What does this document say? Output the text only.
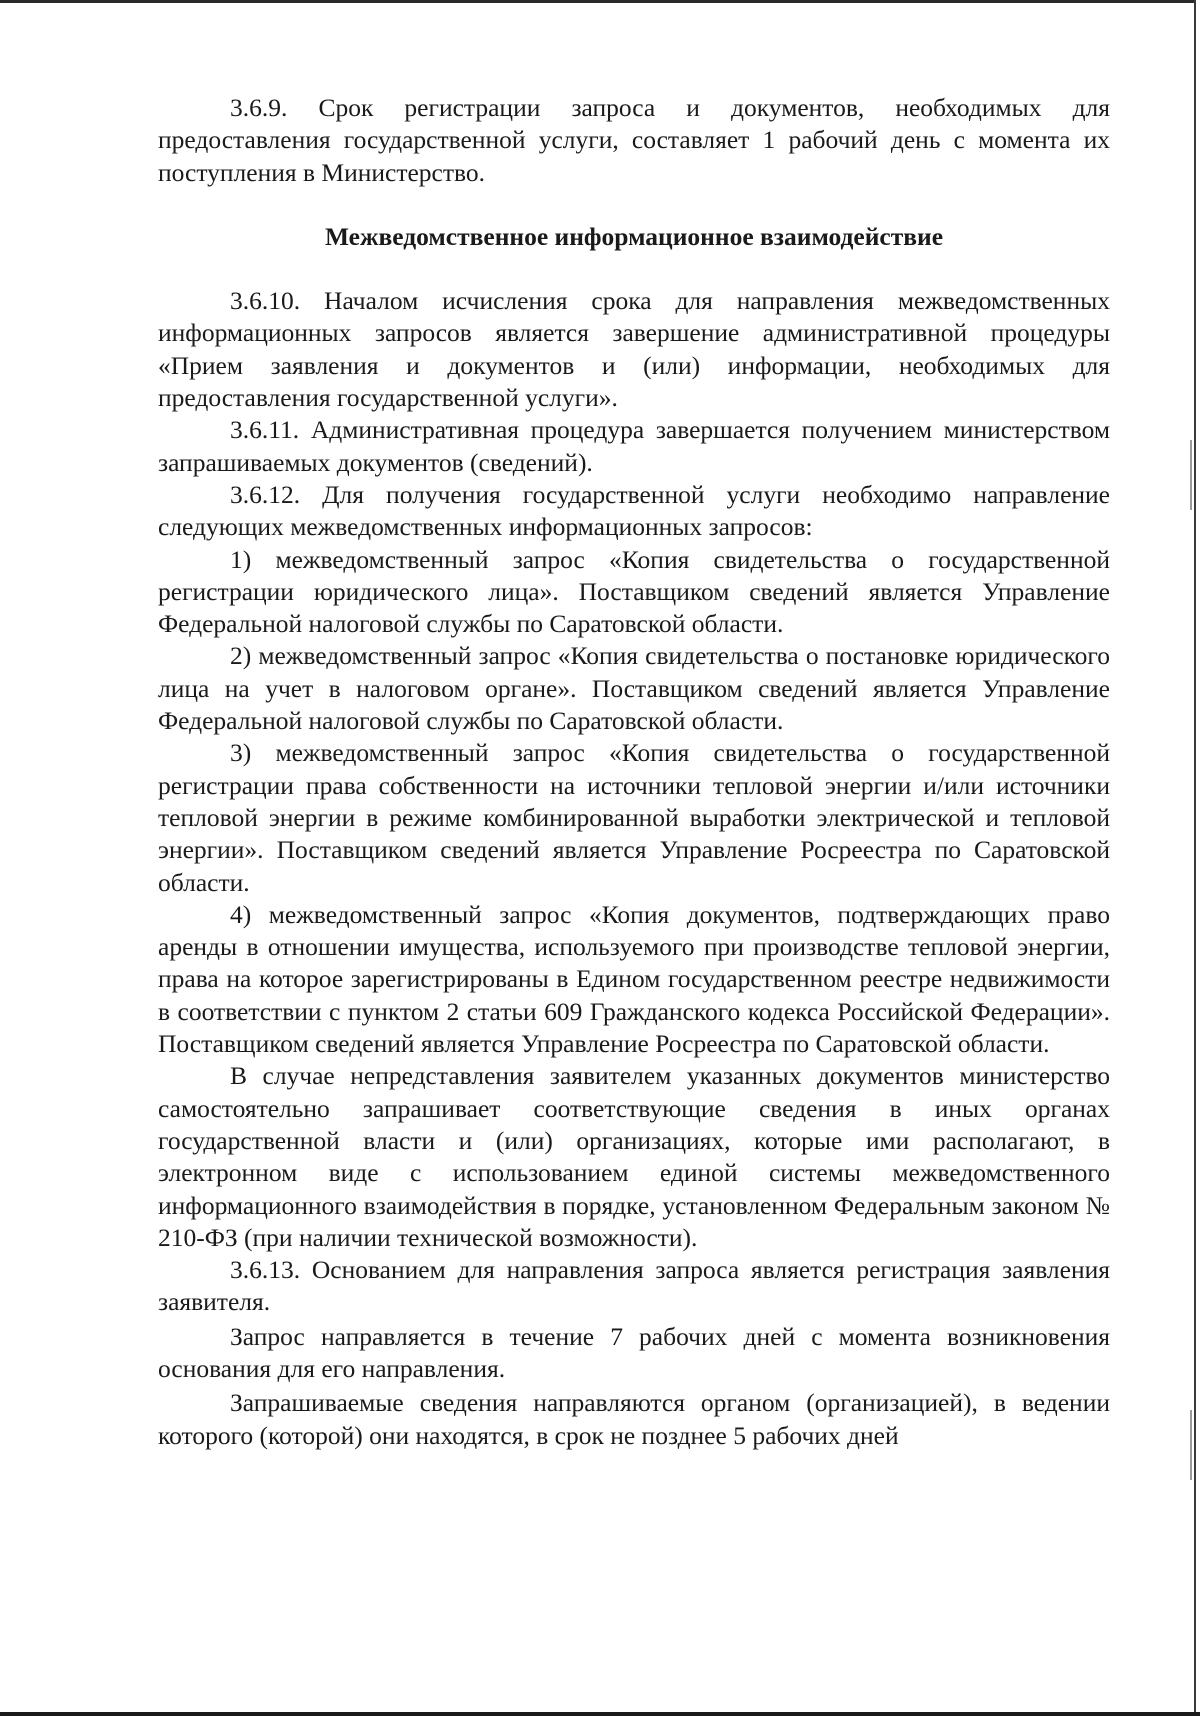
3.6.9. Срок регистрации запроса и документов, необходимых для предоставления государственной услуги, составляет 1 рабочий день с момента их поступления в Министерство.

Межведомственное информационное взаимодействие

3.6.10. Началом исчисления срока для направления межведомственных информационных запросов является завершение административной процедуры «Прием заявления и документов и (или) информации, необходимых для предоставления государственной услуги».

3.6.11. Административная процедура завершается получением министерством запрашиваемых документов (сведений).

3.6.12. Для получения государственной услуги необходимо направление следующих межведомственных информационных запросов:

1) межведомственный запрос «Копия свидетельства о государственной регистрации юридического лица». Поставщиком сведений является Управление Федеральной налоговой службы по Саратовской области.

2) межведомственный запрос «Копия свидетельства о постановке юридического лица на учет в налоговом органе». Поставщиком сведений является Управление Федеральной налоговой службы по Саратовской области.

3) межведомственный запрос «Копия свидетельства о государственной регистрации права собственности на источники тепловой энергии и/или источники тепловой энергии в режиме комбинированной выработки электрической и тепловой энергии». Поставщиком сведений является Управление Росреестра по Саратовской области.

4) межведомственный запрос «Копия документов, подтверждающих право аренды в отношении имущества, используемого при производстве тепловой энергии, права на которое зарегистрированы в Едином государственном реестре недвижимости в соответствии с пунктом 2 статьи 609 Гражданского кодекса Российской Федерации». Поставщиком сведений является Управление Росреестра по Саратовской области.

В случае непредставления заявителем указанных документов министерство самостоятельно запрашивает соответствующие сведения в иных органах государственной власти и (или) организациях, которые ими располагают, в электронном виде с использованием единой системы межведомственного информационного взаимодействия в порядке, установленном Федеральным законом № 210-ФЗ (при наличии технической возможности).

3.6.13. Основанием для направления запроса является регистрация заявления заявителя.

Запрос направляется в течение 7 рабочих дней с момента возникновения основания для его направления.

Запрашиваемые сведения направляются органом (организацией), в ведении которого (которой) они находятся, в срок не позднее 5 рабочих дней
